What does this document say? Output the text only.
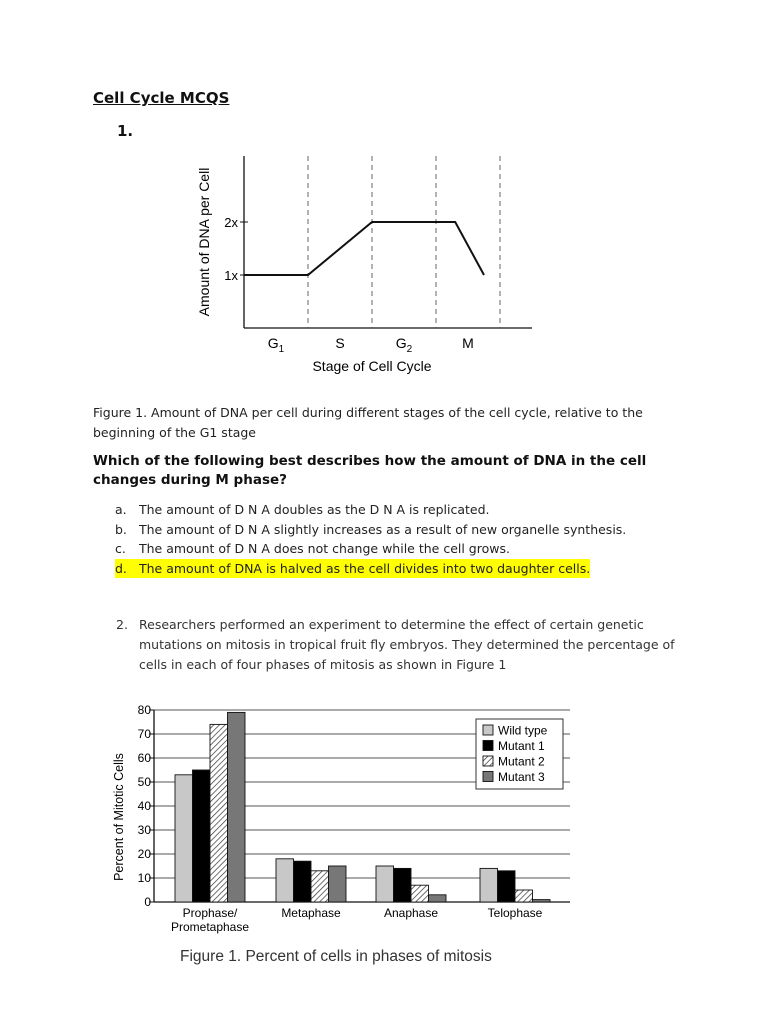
Cell Cycle MCQS
1.
1x
2x
$G_1$	S	$G_2$	M
Stage of Cell Cycle
Amount of DNA per Cell
Figure 1. Amount of DNA per cell during different stages of the cell cycle, relative to the beginning of the G1 stage
Which of the following best describes how the amount of DNA in the cell changes during M phase?
a. The amount of D N A doubles as the D N A is replicated.
b. The amount of D N A slightly increases as a result of new organelle synthesis.
c.	The amount of D N A does not change while the cell grows.
d. The amount of DNA is halved as the cell divides into two daughter cells.
2. Researchers performed an experiment to determine the effect of certain genetic mutations on mitosis in tropical fruit fly embryos. They determined the percentage of cells in each of four phases of mitosis as shown in Figure 1
0
10
20
30
40
50
60
70
80
Prophase/
Prometaphase
Metaphase	Anaphase	Telophase
Percent of Mitotic Cells
Wild type
Mutant 1
Mutant 2
Mutant 3
Figure 1. Percent of cells in phases of mitosis
